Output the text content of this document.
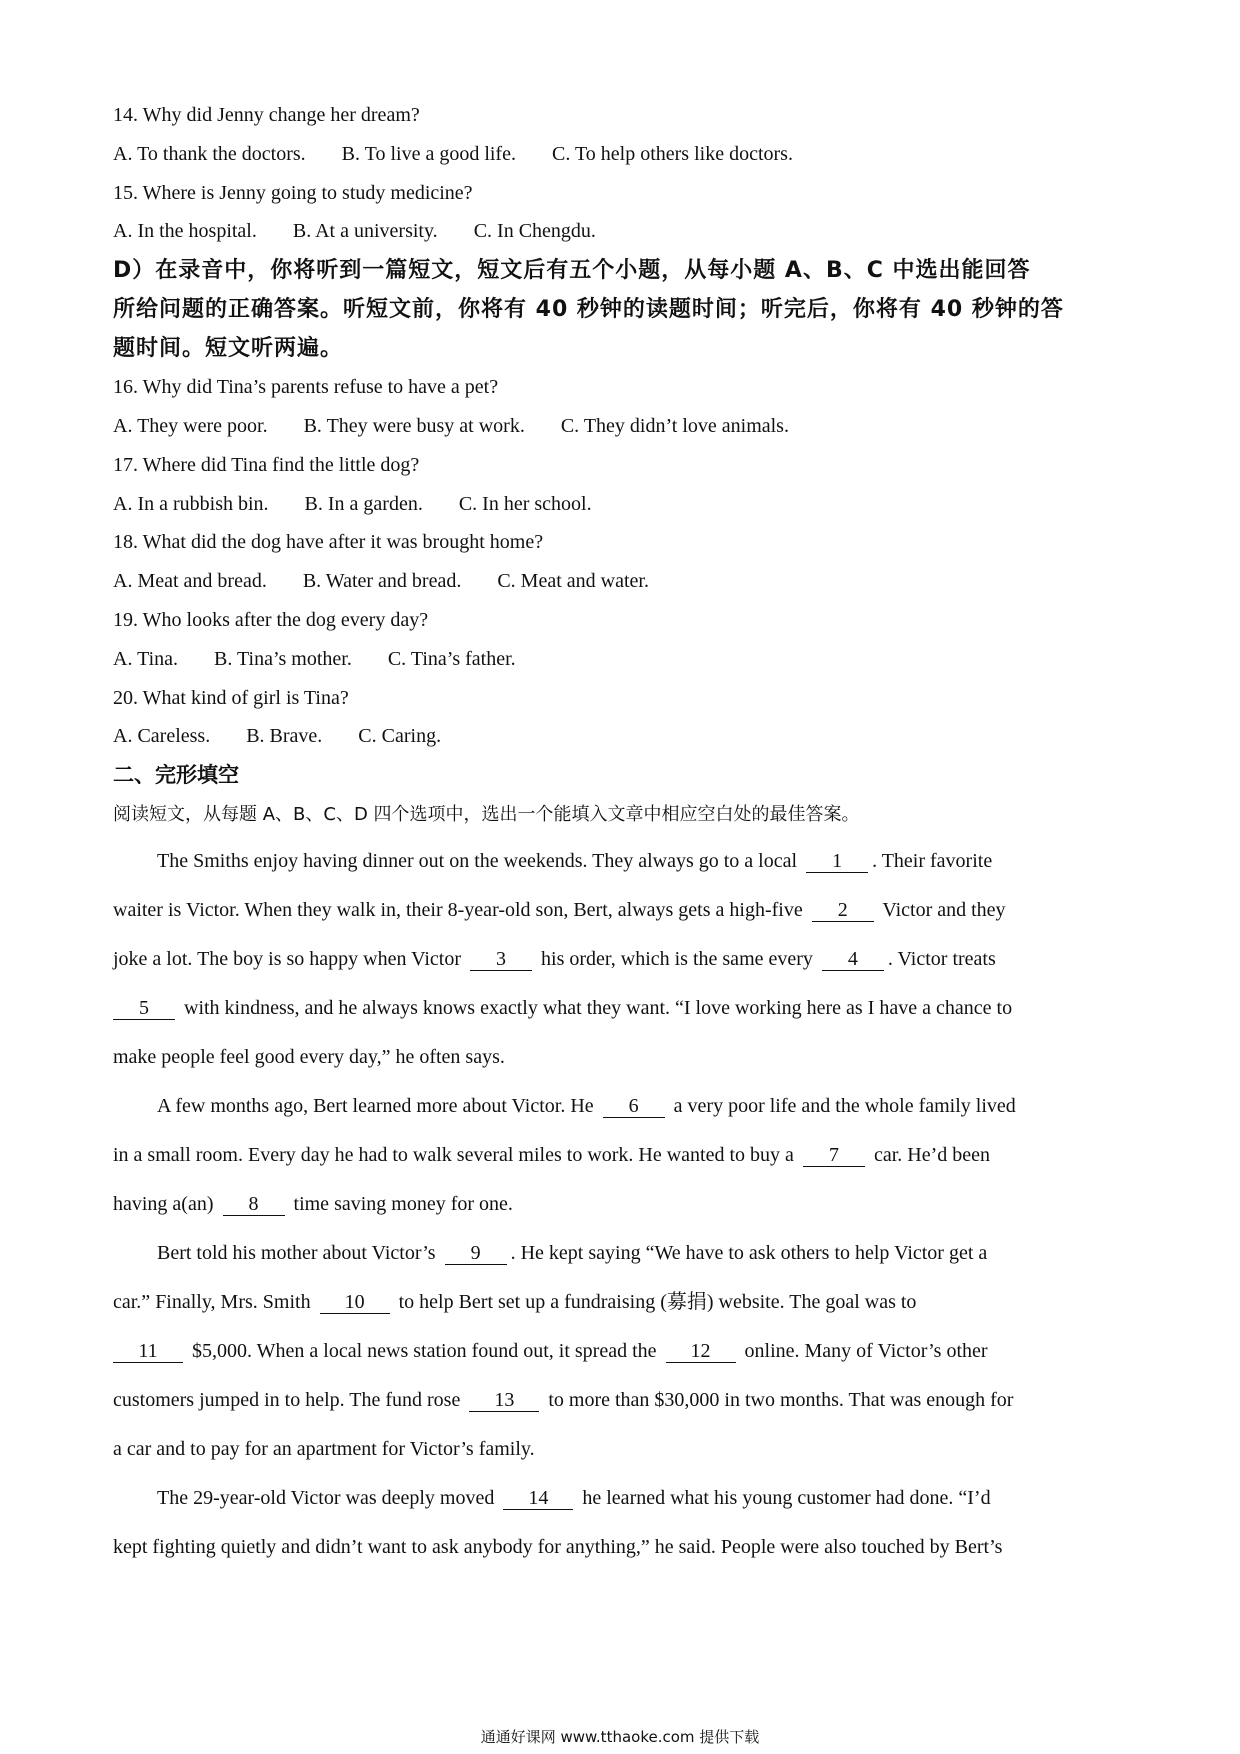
14. Why did Jenny change her dream?
A. To thank the doctors. B. To live a good life. C. To help others like doctors.
15. Where is Jenny going to study medicine?
A. In the hospital. B. At a university. C. In Chengdu.
D）在录音中，你将听到一篇短文，短文后有五个小题，从每小题 A、B、C 中选出能回答
所给问题的正确答案。听短文前，你将有 40 秒钟的读题时间；听完后，你将有 40 秒钟的答
题时间。短文听两遍。
16. Why did Tina’s parents refuse to have a pet?
A. They were poor. B. They were busy at work. C. They didn’t love animals.
17. Where did Tina find the little dog?
A. In a rubbish bin. B. In a garden. C. In her school.
18. What did the dog have after it was brought home?
A. Meat and bread. B. Water and bread. C. Meat and water.
19. Who looks after the dog every day?
A. Tina. B. Tina’s mother. C. Tina’s father.
20. What kind of girl is Tina?
A. Careless. B. Brave. C. Caring.
二、完形填空
阅读短文，从每题 A、B、C、D 四个选项中，选出一个能填入文章中相应空白处的最佳答案。
The Smiths enjoy having dinner out on the weekends. They always go to a local 1 . Their favorite
waiter is Victor. When they walk in, their 8-year-old son, Bert, always gets a high-five 2 Victor and they
joke a lot. The boy is so happy when Victor 3 his order, which is the same every 4 . Victor treats
5 with kindness, and he always knows exactly what they want. “I love working here as I have a chance to
make people feel good every day,” he often says.
A few months ago, Bert learned more about Victor. He 6 a very poor life and the whole family lived
in a small room. Every day he had to walk several miles to work. He wanted to buy a 7 car. He’d been
having a(an) 8 time saving money for one.
Bert told his mother about Victor’s 9 . He kept saying “We have to ask others to help Victor get a
car.” Finally, Mrs. Smith 10 to help Bert set up a fundraising (募捐) website. The goal was to
11 $5,000. When a local news station found out, it spread the 12 online. Many of Victor’s other
customers jumped in to help. The fund rose 13 to more than $30,000 in two months. That was enough for
a car and to pay for an apartment for Victor’s family.
The 29-year-old Victor was deeply moved 14 he learned what his young customer had done. “I’d
kept fighting quietly and didn’t want to ask anybody for anything,” he said. People were also touched by Bert’s
通通好课网 www.tthaoke.com 提供下载
